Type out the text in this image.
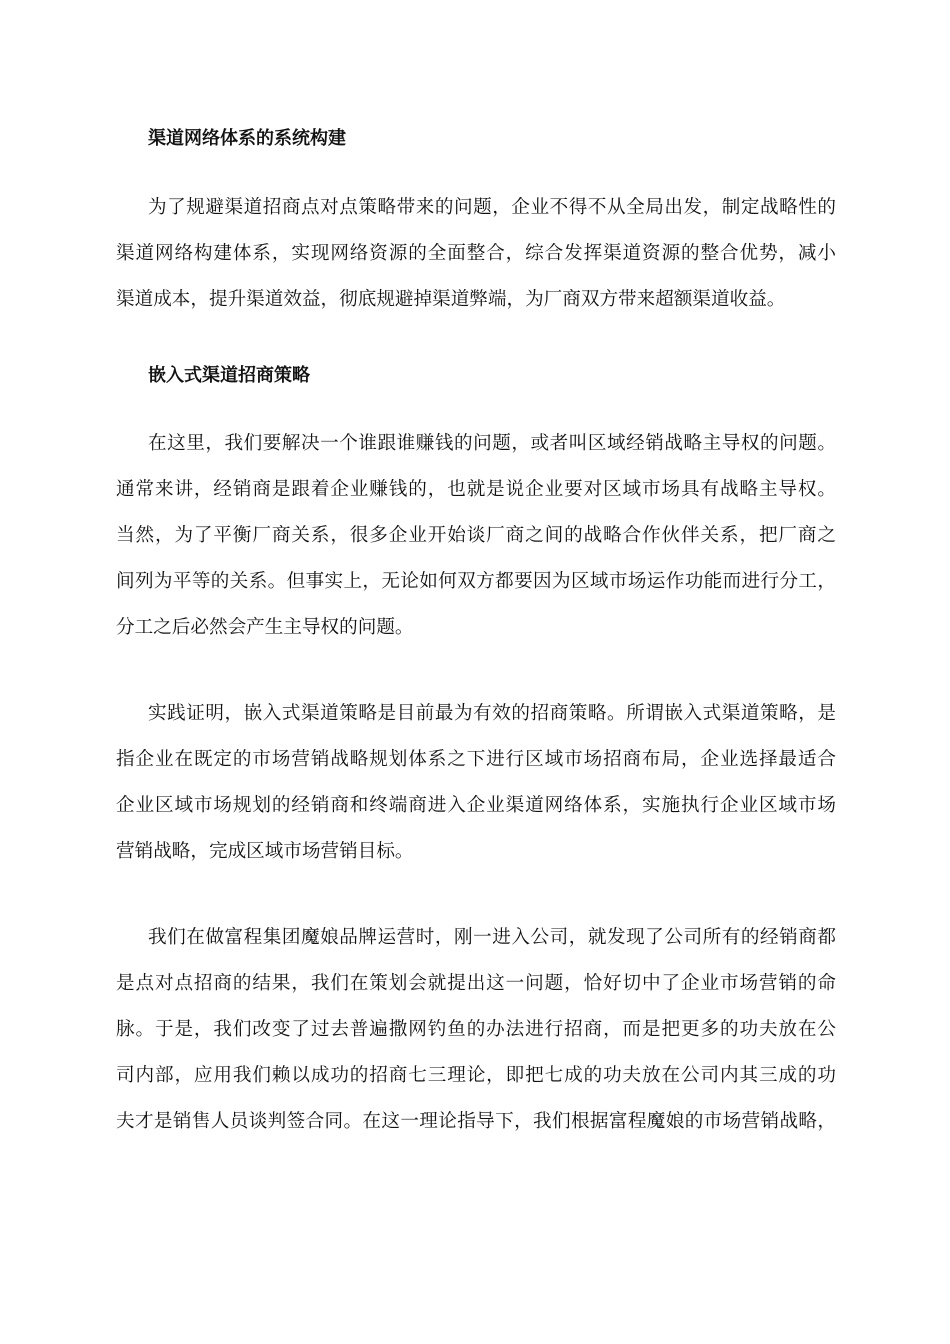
渠道网络体系的系统构建
为了规避渠道招商点对点策略带来的问题，企业不得不从全局出发，制定战略性的
渠道网络构建体系，实现网络资源的全面整合，综合发挥渠道资源的整合优势，减小
渠道成本，提升渠道效益，彻底规避掉渠道弊端，为厂商双方带来超额渠道收益。
嵌入式渠道招商策略
在这里，我们要解决一个谁跟谁赚钱的问题，或者叫区域经销战略主导权的问题。
通常来讲，经销商是跟着企业赚钱的，也就是说企业要对区域市场具有战略主导权。
当然，为了平衡厂商关系，很多企业开始谈厂商之间的战略合作伙伴关系，把厂商之
间列为平等的关系。但事实上，无论如何双方都要因为区域市场运作功能而进行分工，
分工之后必然会产生主导权的问题。
实践证明，嵌入式渠道策略是目前最为有效的招商策略。所谓嵌入式渠道策略，是
指企业在既定的市场营销战略规划体系之下进行区域市场招商布局，企业选择最适合
企业区域市场规划的经销商和终端商进入企业渠道网络体系，实施执行企业区域市场
营销战略，完成区域市场营销目标。
我们在做富程集团魔娘品牌运营时，刚一进入公司，就发现了公司所有的经销商都
是点对点招商的结果，我们在策划会就提出这一问题，恰好切中了企业市场营销的命
脉。于是，我们改变了过去普遍撒网钓鱼的办法进行招商，而是把更多的功夫放在公
司内部，应用我们赖以成功的招商七三理论，即把七成的功夫放在公司内其三成的功
夫才是销售人员谈判签合同。在这一理论指导下，我们根据富程魔娘的市场营销战略，
